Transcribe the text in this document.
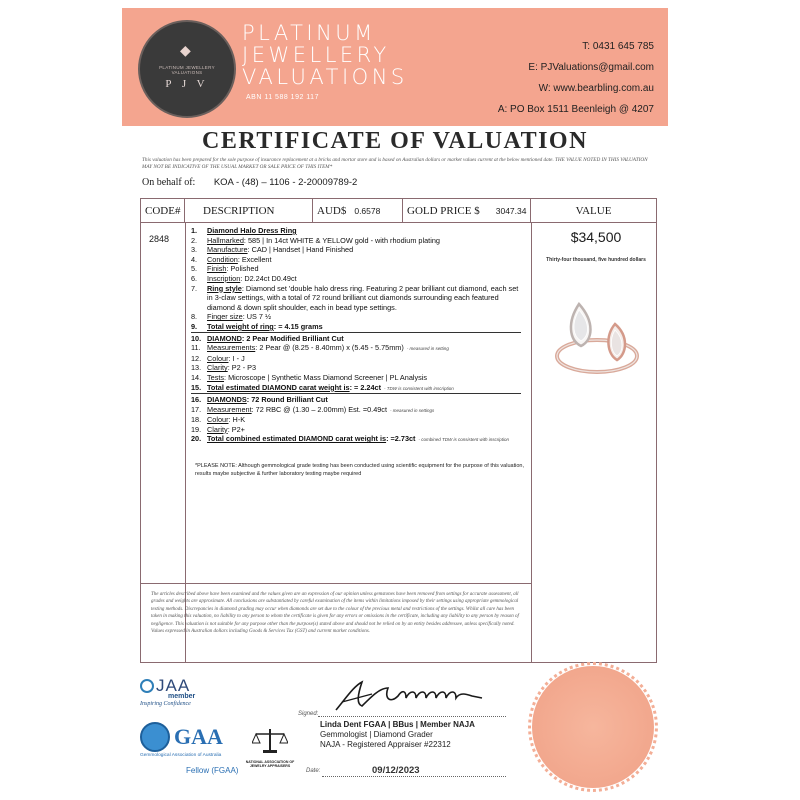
◆
PLATINUM JEWELLERY VALUATIONS
P J V
PLATINUM
JEWELLERY
VALUATIONS
ABN 11 588 192 117
T: 0431 645 785
E: PJValuations@gmail.com
W: www.bearbling.com.au
A: PO Box 1511 Beenleigh @ 4207
CERTIFICATE OF VALUATION
This valuation has been prepared for the sole purpose of insurance replacement at a bricks and mortar store and is based on Australian dollars or market values current at the below mentioned date. THE VALUE NOTED IN THIS VALUATION MAY NOT BE INDICATIVE OF THE USUAL MARKET OR SALE PRICE OF THIS ITEM*
On behalf of: KOA - (48) – 1106 - 2-20009789-2
CODE#	DESCRIPTION	AUD$ 0.6578 GOLD PRICE $ 3047.34	VALUE
2848
1.	Diamond Halo Dress Ring
2.	Hallmarked: 585 | In 14ct WHITE & YELLOW gold - with rhodium plating
3.	Manufacture: CAD | Handset | Hand Finished
4.	Condition: Excellent
5.	Finish: Polished
6.	Inscription: D2.24ct D0.49ct
7.	Ring style: Diamond set 'double halo dress ring. Featuring 2 pear brilliant cut diamond, each set in 3-claw settings, with a total of 72 round brilliant cut diamonds surrounding each featured diamond & down split shoulder, each in bead type settings.
8.	Finger size: US 7 ½
9.	Total weight of ring: = 4.15 grams
10. DIAMOND: 2 Pear Modified Brilliant Cut
11. Measurements: 2 Pear @ (8.25 - 8.40mm) x (5.45 - 5.75mm) - measured in setting
12. Colour: I - J
13. Clarity: P2 - P3
14. Tests: Microscope | Synthetic Mass Diamond Screener | PL Analysis
15. Total estimated DIAMOND carat weight is: = 2.24ct - TDW is consistent with inscription
16. DIAMONDS: 72 Round Brilliant Cut
17. Measurement: 72 RBC @ (1.30 – 2.00mm) Est. =0.49ct - measured in settings
18. Colour: H-K
19. Clarity: P2+
20. Total combined estimated DIAMOND carat weight is: =2.73ct - combined TDW is consistent with inscription
*PLEASE NOTE: Although gemmological grade testing has been conducted using scientific equipment for the purpose of this valuation, results maybe subjective & further laboratory testing maybe required
$34,500
Thirty-four thousand, five hundred dollars
The articles described above have been examined and the values given are an expression of our opinion unless gemstones have been removed from settings for accurate assessment, all grades and weights are approximate. All conclusions are substantiated by careful examination of the items within limitations imposed by their settings using appropriate gemmological testing methods. Discrepancies in diamond grading may occur when diamonds are set due to the colour of the precious metal and restrictions of the settings. Whilst all care has been taken in making this valuation, no liability to any person to whom the certificate is given for any errors or omissions in the certificate, including any liability to any person by reason of negligence. This valuation is not suitable for any purpose other than the purpose(s) stated above and should not be relied on by an entity besides addressee, unless specifically noted. Values expressed in Australian dollars including Goods & Services Tax (GST) and current market conditions.
JAA
member
Inspiring Confidence
GAA
Gemmological Association of Australia
Fellow (FGAA)
NATIONAL ASSOCIATION OF JEWELRY APPRAISERS
Signed:
Linda Dent FGAA | BBus | Member NAJA
Gemmologist | Diamond Grader
NAJA - Registered Appraiser #22312
Date:	09/12/2023
